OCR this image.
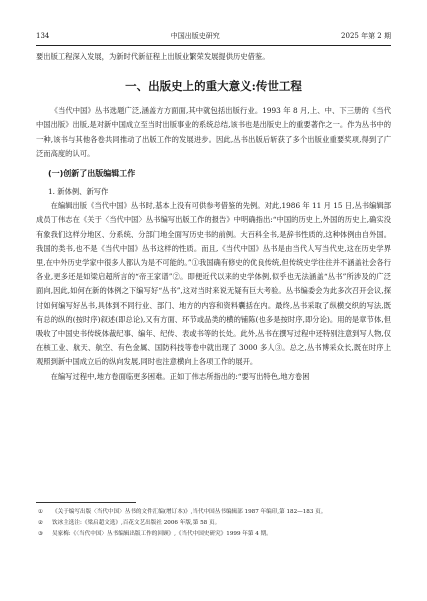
134	中国出版史研究	2025 年第 2 期

要出版工程深入发展，为新时代新征程上出版业繁荣发展提供历史借鉴。

一、出版史上的重大意义:传世工程

《当代中国》丛书选题广泛,涵盖方方面面,其中就包括出版行业。1993 年 8 月,上、中、下三册的《当代中国出版》出版,是对新中国成立至当时出版事业的系统总结,该书也是出版史上的重要著作之一。作为丛书中的一种,该书与其他各卷共同推动了出版工作的发展进步。因此,丛书出版后斩获了多个出版业重要奖项,得到了广泛而高度的认可。

(一)创新了出版编辑工作
1. 新体例、新写作

在编辑出版《当代中国》丛书时,基本上没有可供参考借鉴的先例。对此,1986 年 11 月 15 日,丛书编辑部成员丁伟志在《关于〈当代中国〉丛书编写出版工作的报告》中明确指出:“中国的历史上,外国的历史上,确实没有象我们这样分地区、分系统、分部门地全面写历史书的前例。大百科全书,是辞书性质的,这种体例由自外国。我国的类书,也不是《当代中国》丛书这样的性质。而且,《当代中国》丛书是由当代人写当代史,这在历史学界里,在中外历史学家中很多人都认为是不可能的。”①我国确有修史的优良传统,但传统史学往往并不涵盖社会各行各业,更多还是如梁启超所言的“帝王家谱”②。即便近代以来的史学体例,似乎也无法涵盖“丛书”所涉及的广泛面向,因此,如何在新的体例之下编写好“丛书”,这对当时来说无疑有巨大考验。丛书编委会为此多次召开会议,探讨如何编写好丛书,具体到不同行业、部门、地方的内容和资料囊括在内。最终,丛书采取了纵横交织的写法,既有总的纵的(按时序)叙述(即总论),又有方面、环节或品类的横的铺陈(也多是按时序,即分论)。用的是章节体,但吸收了中国史书传统体裁纪事、编年、纪传、表或书等的长处。此外,丛书在撰写过程中还特别注意到写人物,仅在核工业、航天、航空、有色金属、国防科技等卷中就出现了 3000 多人③。总之,丛书博采众长,既在时序上观照到新中国成立后的纵向发展,同时也注意横向上各项工作的展开。

在编写过程中,地方卷面临更多困难。正如丁伟志所指出的:“要写出特色,地方卷困

①	《关于编写出版〈当代中国〉丛书的文件汇编(增订本)》,当代中国丛书编辑部 1987 年编印,第 182—183 页。
②	饮冰主选注:《梁启超文选》,百花文艺出版社 2006 年版,第 58 页。
③	吴家梅:《〈当代中国〉丛书编辑出版工作的回顾》,《当代中国史研究》1999 年第 4 期。
